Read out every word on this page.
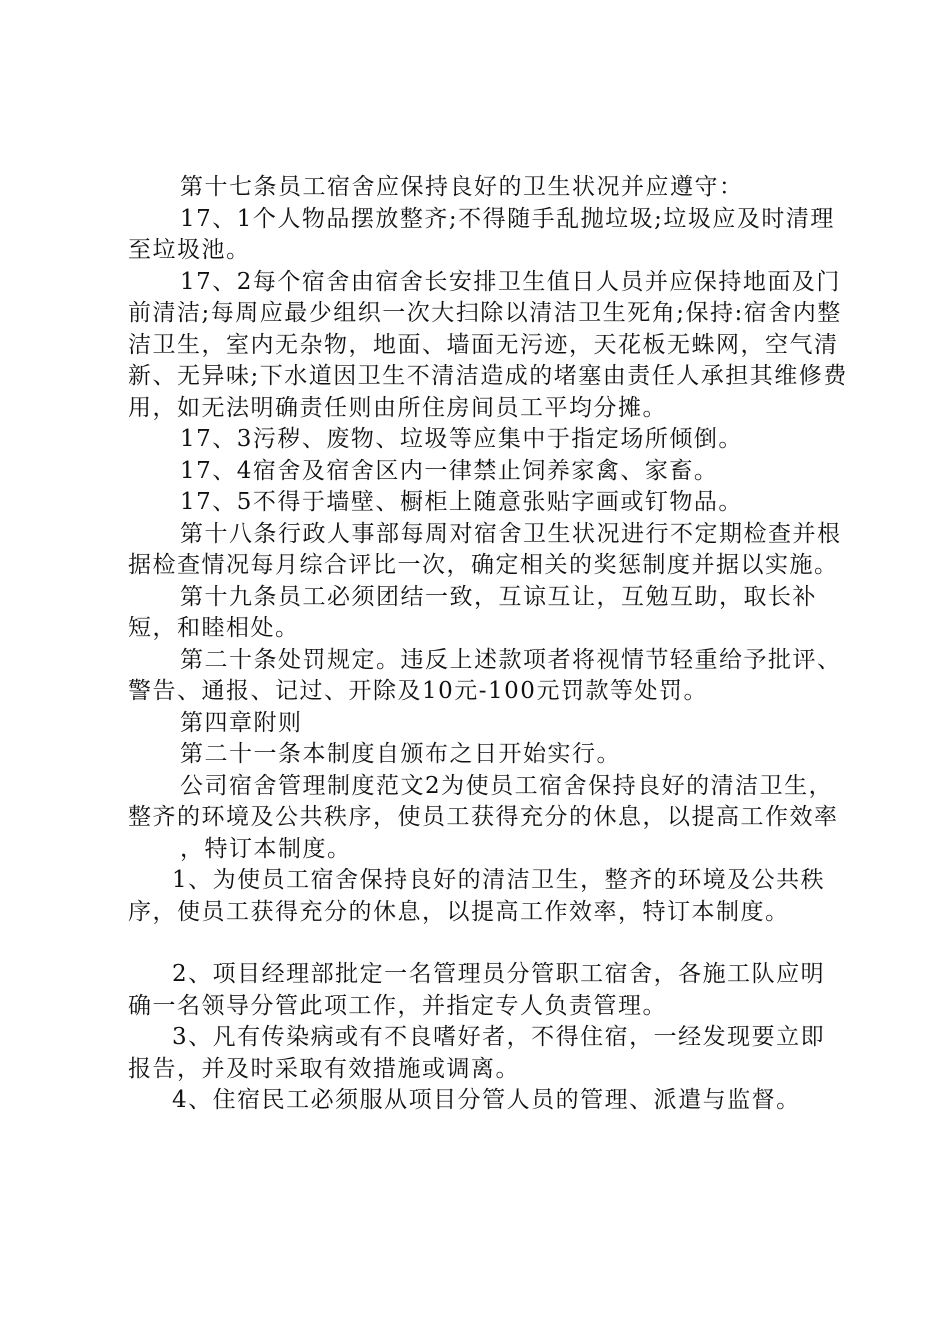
第十七条员工宿舍应保持良好的卫生状况并应遵守：

17、1个人物品摆放整齐;不得随手乱抛垃圾;垃圾应及时清理至垃圾池。

17、2每个宿舍由宿舍长安排卫生值日人员并应保持地面及门前清洁;每周应最少组织一次大扫除以清洁卫生死角;保持:宿舍内整洁卫生，室内无杂物，地面、墙面无污迹，天花板无蛛网，空气清新、无异味;下水道因卫生不清洁造成的堵塞由责任人承担其维修费用，如无法明确责任则由所住房间员工平均分摊。

17、3污秽、废物、垃圾等应集中于指定场所倾倒。

17、4宿舍及宿舍区内一律禁止饲养家禽、家畜。

17、5不得于墙壁、橱柜上随意张贴字画或钉物品。

第十八条行政人事部每周对宿舍卫生状况进行不定期检查并根据检查情况每月综合评比一次，确定相关的奖惩制度并据以实施。

第十九条员工必须团结一致，互谅互让，互勉互助，取长补短，和睦相处。

第二十条处罚规定。违反上述款项者将视情节轻重给予批评、警告、通报、记过、开除及10元-100元罚款等处罚。

第四章附则

第二十一条本制度自颁布之日开始实行。

公司宿舍管理制度范文2为使员工宿舍保持良好的清洁卫生，整齐的环境及公共秩序，使员工获得充分的休息，以提高工作效率

，特订本制度。

1、为使员工宿舍保持良好的清洁卫生，整齐的环境及公共秩序，使员工获得充分的休息，以提高工作效率，特订本制度。

2、项目经理部批定一名管理员分管职工宿舍，各施工队应明确一名领导分管此项工作，并指定专人负责管理。

3、凡有传染病或有不良嗜好者，不得住宿，一经发现要立即报告，并及时采取有效措施或调离。

4、住宿民工必须服从项目分管人员的管理、派遣与监督。
